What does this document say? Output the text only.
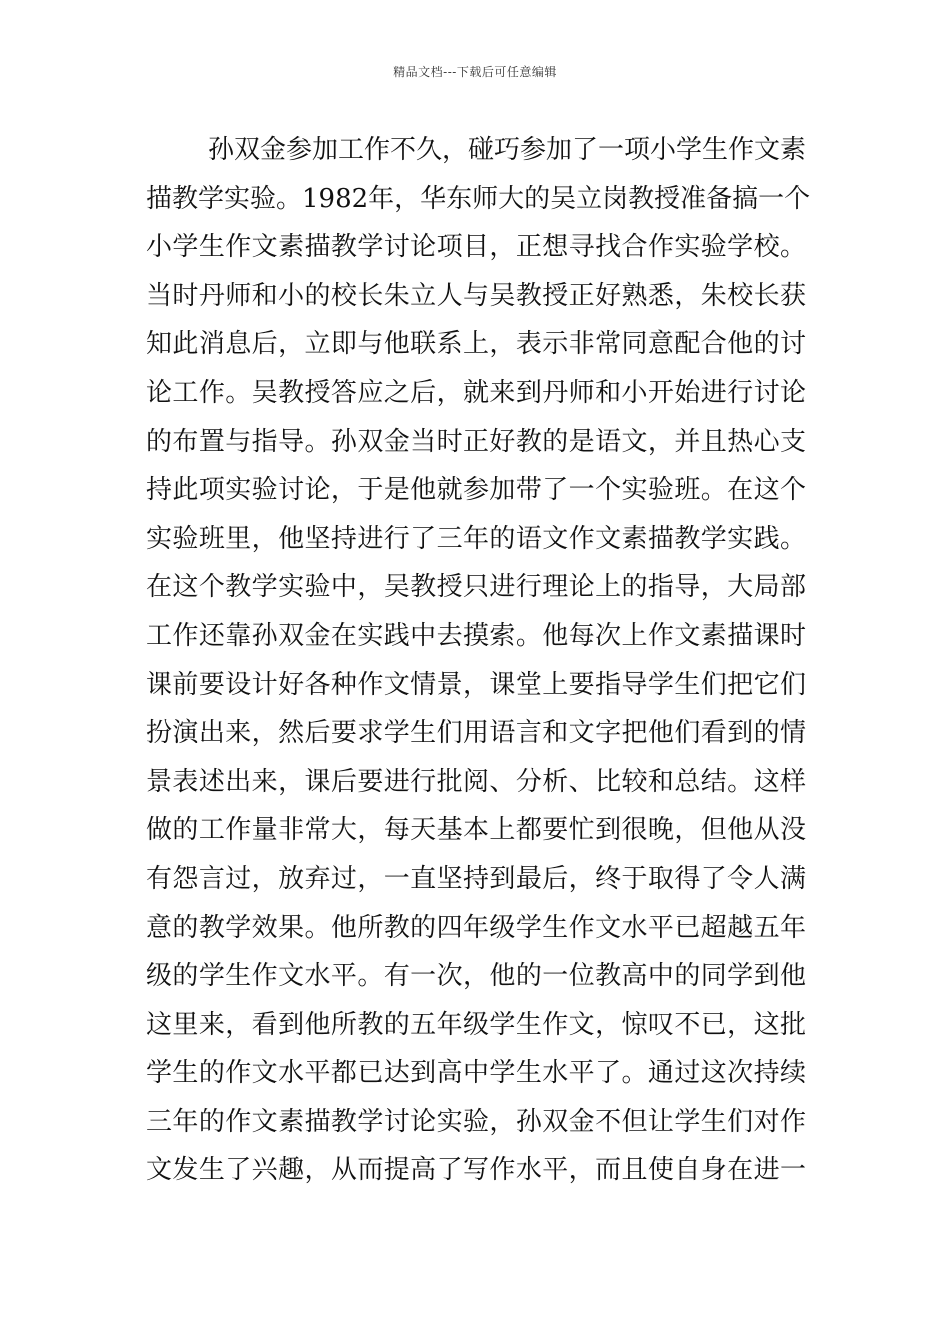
精品文档---下载后可任意编辑
孙双金参加工作不久，碰巧参加了一项小学生作文素
描教学实验。1982年，华东师大的吴立岗教授准备搞一个
小学生作文素描教学讨论项目，正想寻找合作实验学校。
当时丹师和小的校长朱立人与吴教授正好熟悉，朱校长获
知此消息后，立即与他联系上，表示非常同意配合他的讨
论工作。吴教授答应之后，就来到丹师和小开始进行讨论
的布置与指导。孙双金当时正好教的是语文，并且热心支
持此项实验讨论，于是他就参加带了一个实验班。在这个
实验班里，他坚持进行了三年的语文作文素描教学实践。
在这个教学实验中，吴教授只进行理论上的指导，大局部
工作还靠孙双金在实践中去摸索。他每次上作文素描课时
课前要设计好各种作文情景，课堂上要指导学生们把它们
扮演出来，然后要求学生们用语言和文字把他们看到的情
景表述出来，课后要进行批阅、分析、比较和总结。这样
做的工作量非常大，每天基本上都要忙到很晚，但他从没
有怨言过，放弃过，一直坚持到最后，终于取得了令人满
意的教学效果。他所教的四年级学生作文水平已超越五年
级的学生作文水平。有一次，他的一位教高中的同学到他
这里来，看到他所教的五年级学生作文，惊叹不已，这批
学生的作文水平都已达到高中学生水平了。通过这次持续
三年的作文素描教学讨论实验，孙双金不但让学生们对作
文发生了兴趣，从而提高了写作水平，而且使自身在进一
